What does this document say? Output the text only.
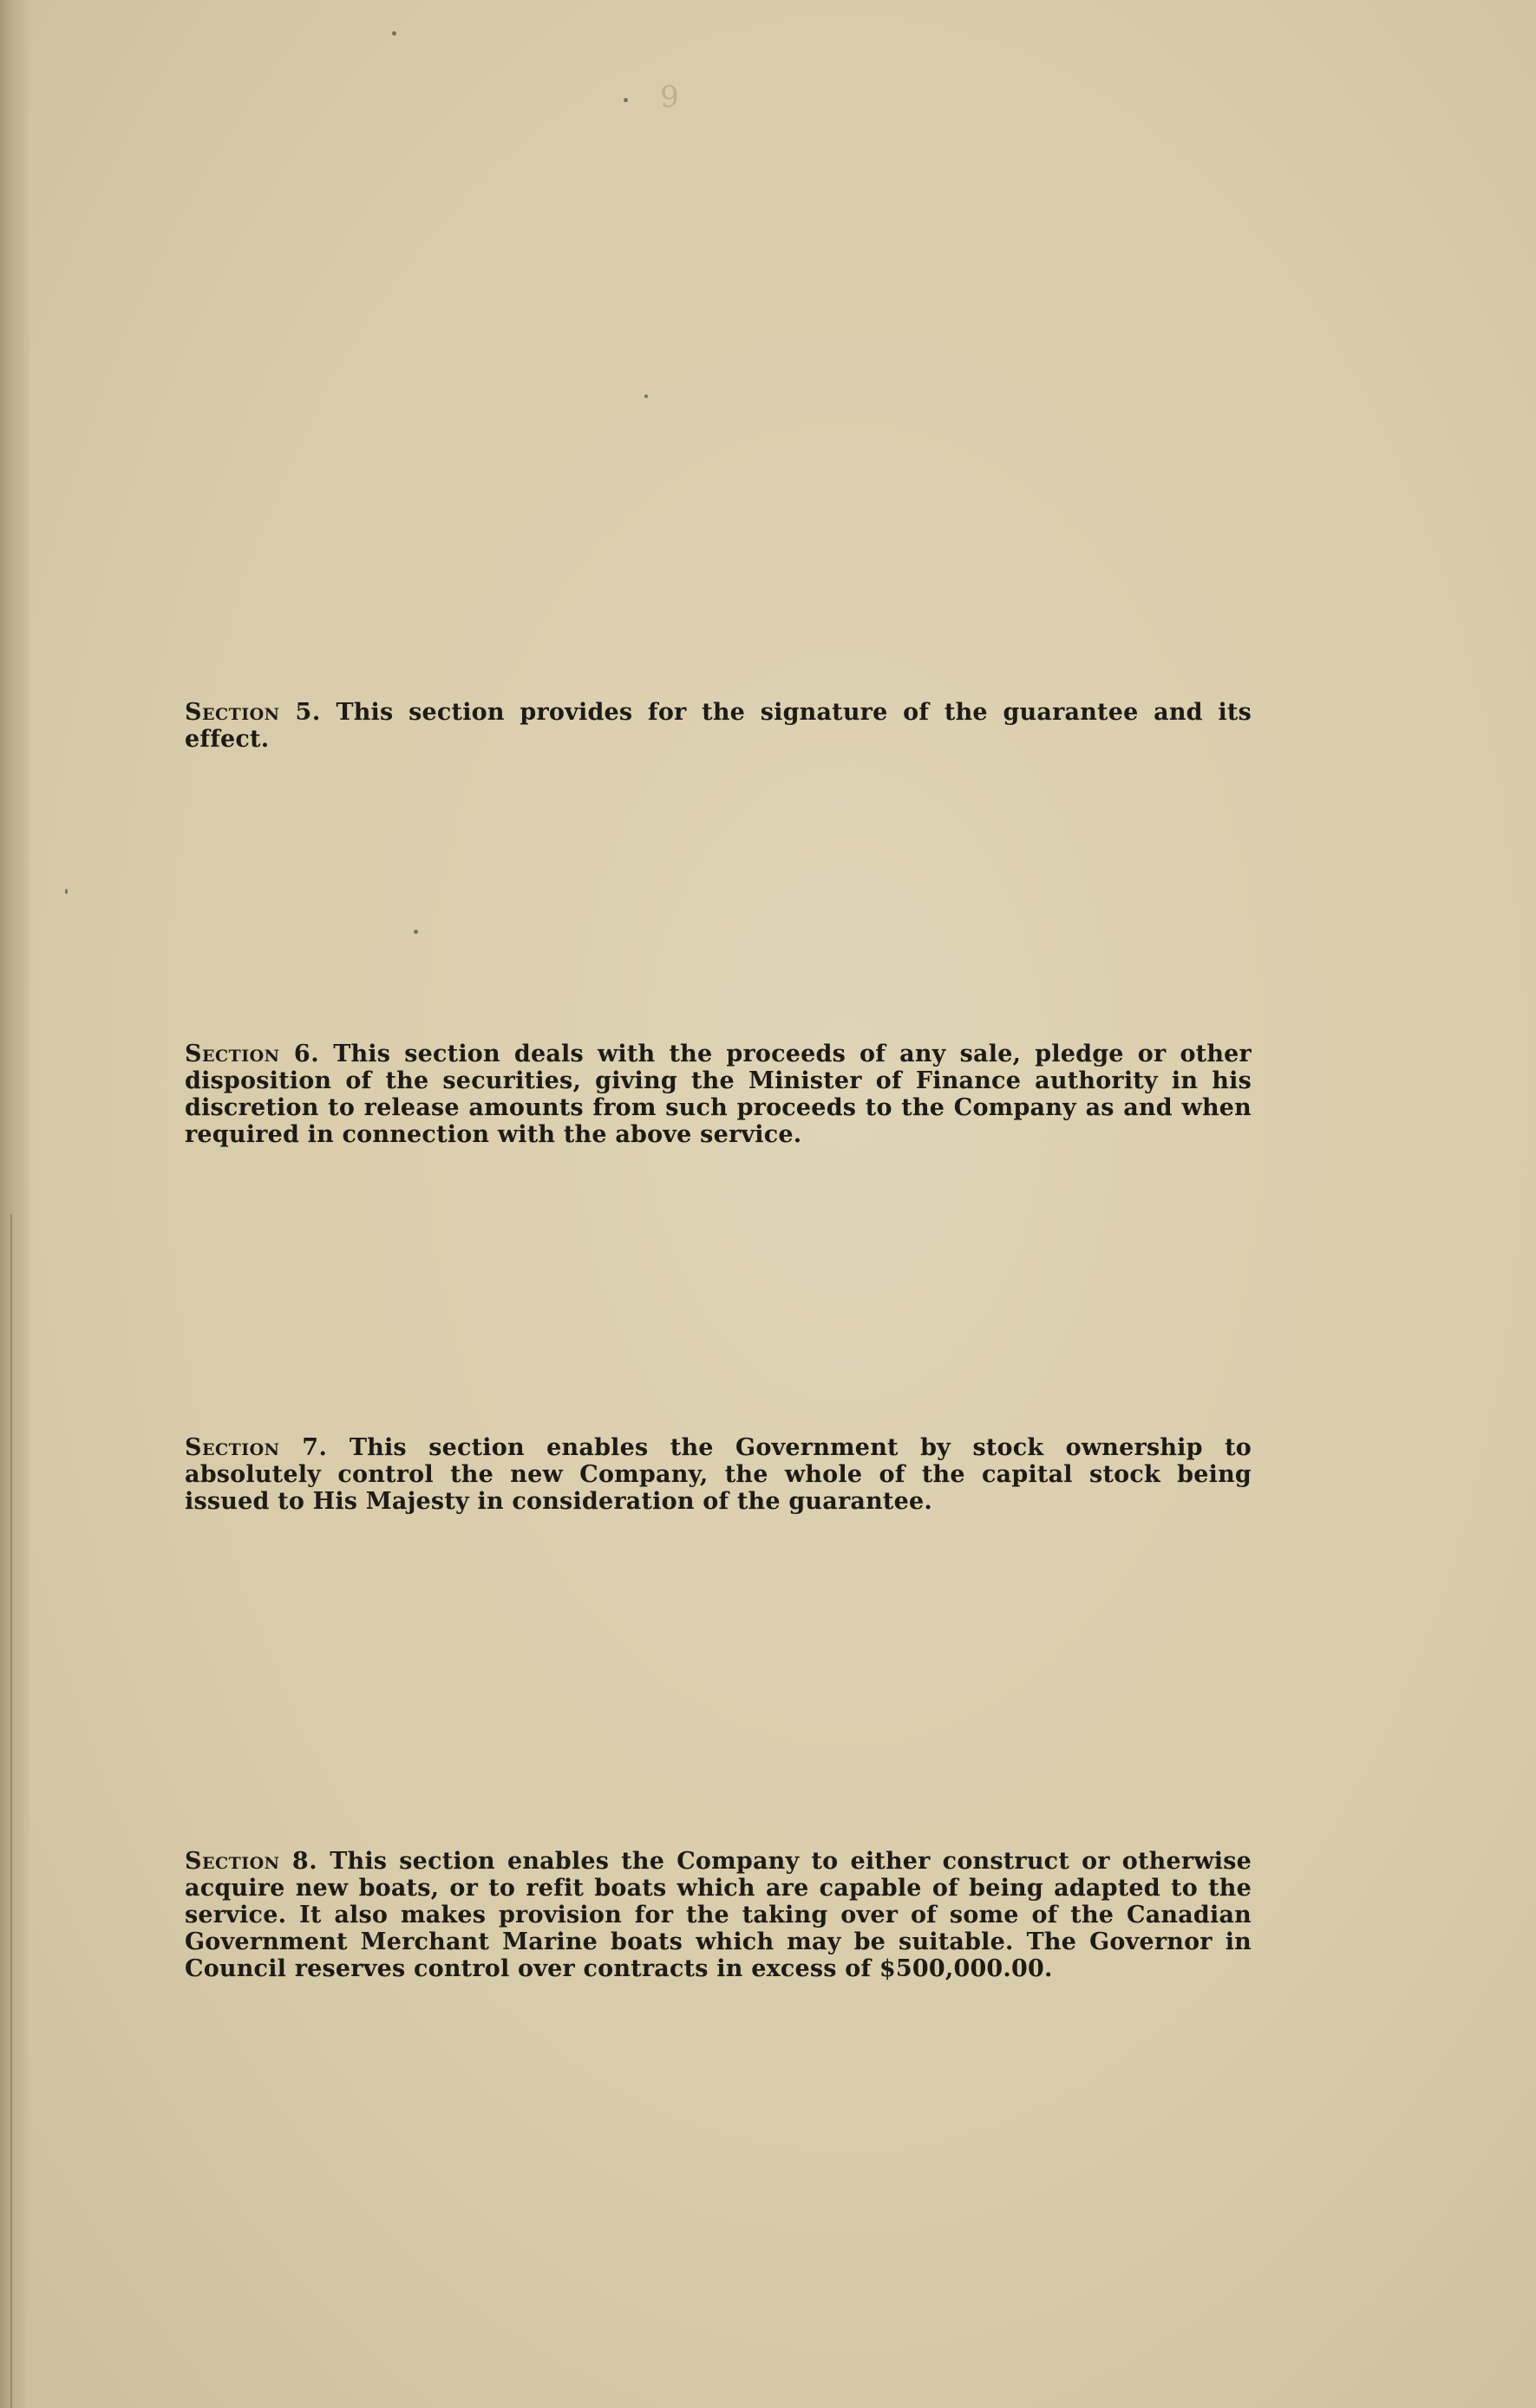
9

Section 5. This section provides for the signature of the guarantee and its effect.

Section 6. This section deals with the proceeds of any sale, pledge or other disposition of the securities, giving the Minister of Finance authority in his discretion to release amounts from such proceeds to the Company as and when required in connection with the above service.

Section 7. This section enables the Government by stock ownership to absolutely control the new Company, the whole of the capital stock being issued to His Majesty in consideration of the guarantee.

Section 8. This section enables the Company to either construct or otherwise acquire new boats, or to refit boats which are capable of being adapted to the service. It also makes provision for the taking over of some of the Canadian Government Merchant Marine boats which may be suitable. The Governor in Council reserves control over contracts in excess of $500,000.00.
